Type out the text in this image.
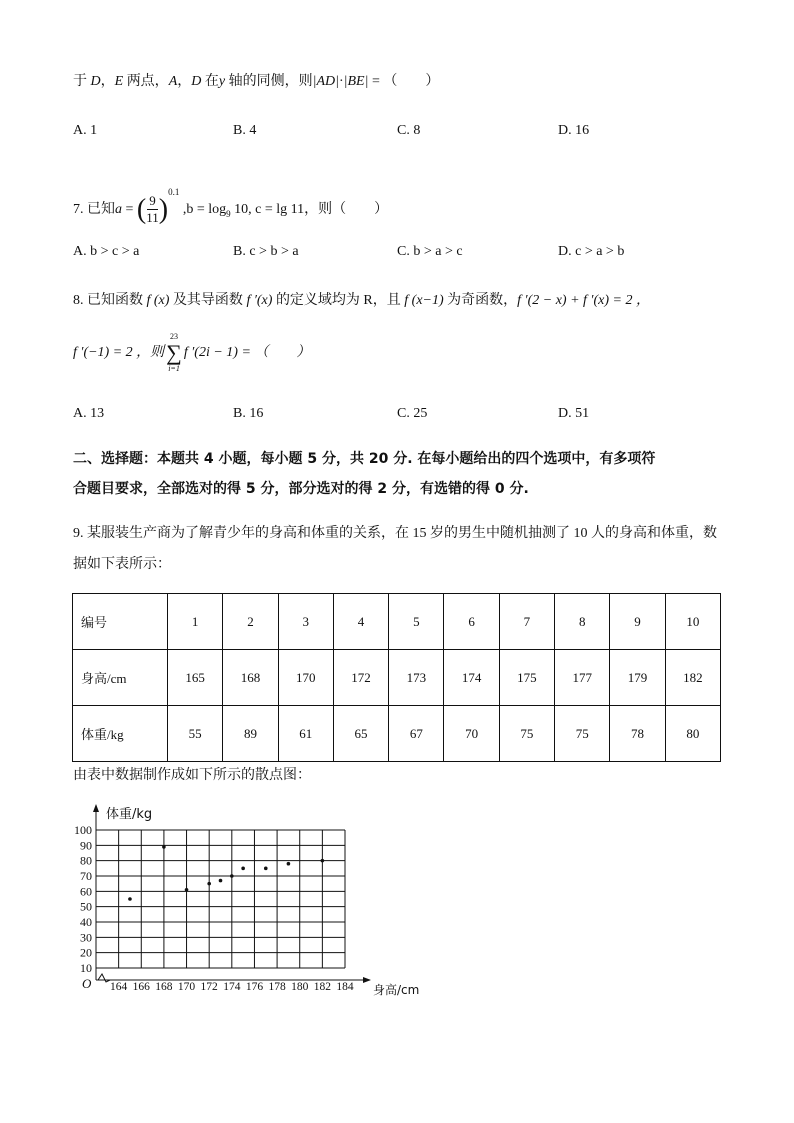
于 D，E 两点，A，D 在y 轴的同侧，则|AD|·|BE| = （　　）
A. 1	B. 4	C. 8	D. 16
7. 已知a = ( $\frac{9}{11} )^{0.1}$ $,b = \log_9 10$, c = lg 11，则（　　）
A. b > c > a	B. c > b > a	C. b > a > c	D. c > a > b
8. 已知函数 f (x) 及其导函数 f ′(x) 的定义域均为 R，且 f (x−1) 为奇函数，f ′(2 − x) + f ′(x) = 2 ，
f ′(−1) = 2 ，则
23
∑
i=1
f ′(2i − 1) = （　　）
A. 13	B. 16	C. 25	D. 51
二、选择题：本题共 4 小题，每小题 5 分，共 20 分. 在每小题给出的四个选项中，有多项符
合题目要求，全部选对的得 5 分，部分选对的得 2 分，有选错的得 0 分.
9. 某服装生产商为了解青少年的身高和体重的关系，在 15 岁的男生中随机抽测了 10 人的身高和体重，数
据如下表所示：
编号	1	2	3	4	5	6	7	8	9	10
身高/cm	165	168	170	172	173	174	175	177	179	182
体重/kg	55	89	61	65	67	70	75	75	78	80
由表中数据制作成如下所示的散点图：
10
20
30
40
50
60
70
80
90
100
164 166 168 170 172 174 176 178 180 182 184
O
体重/kg
身高/cm
